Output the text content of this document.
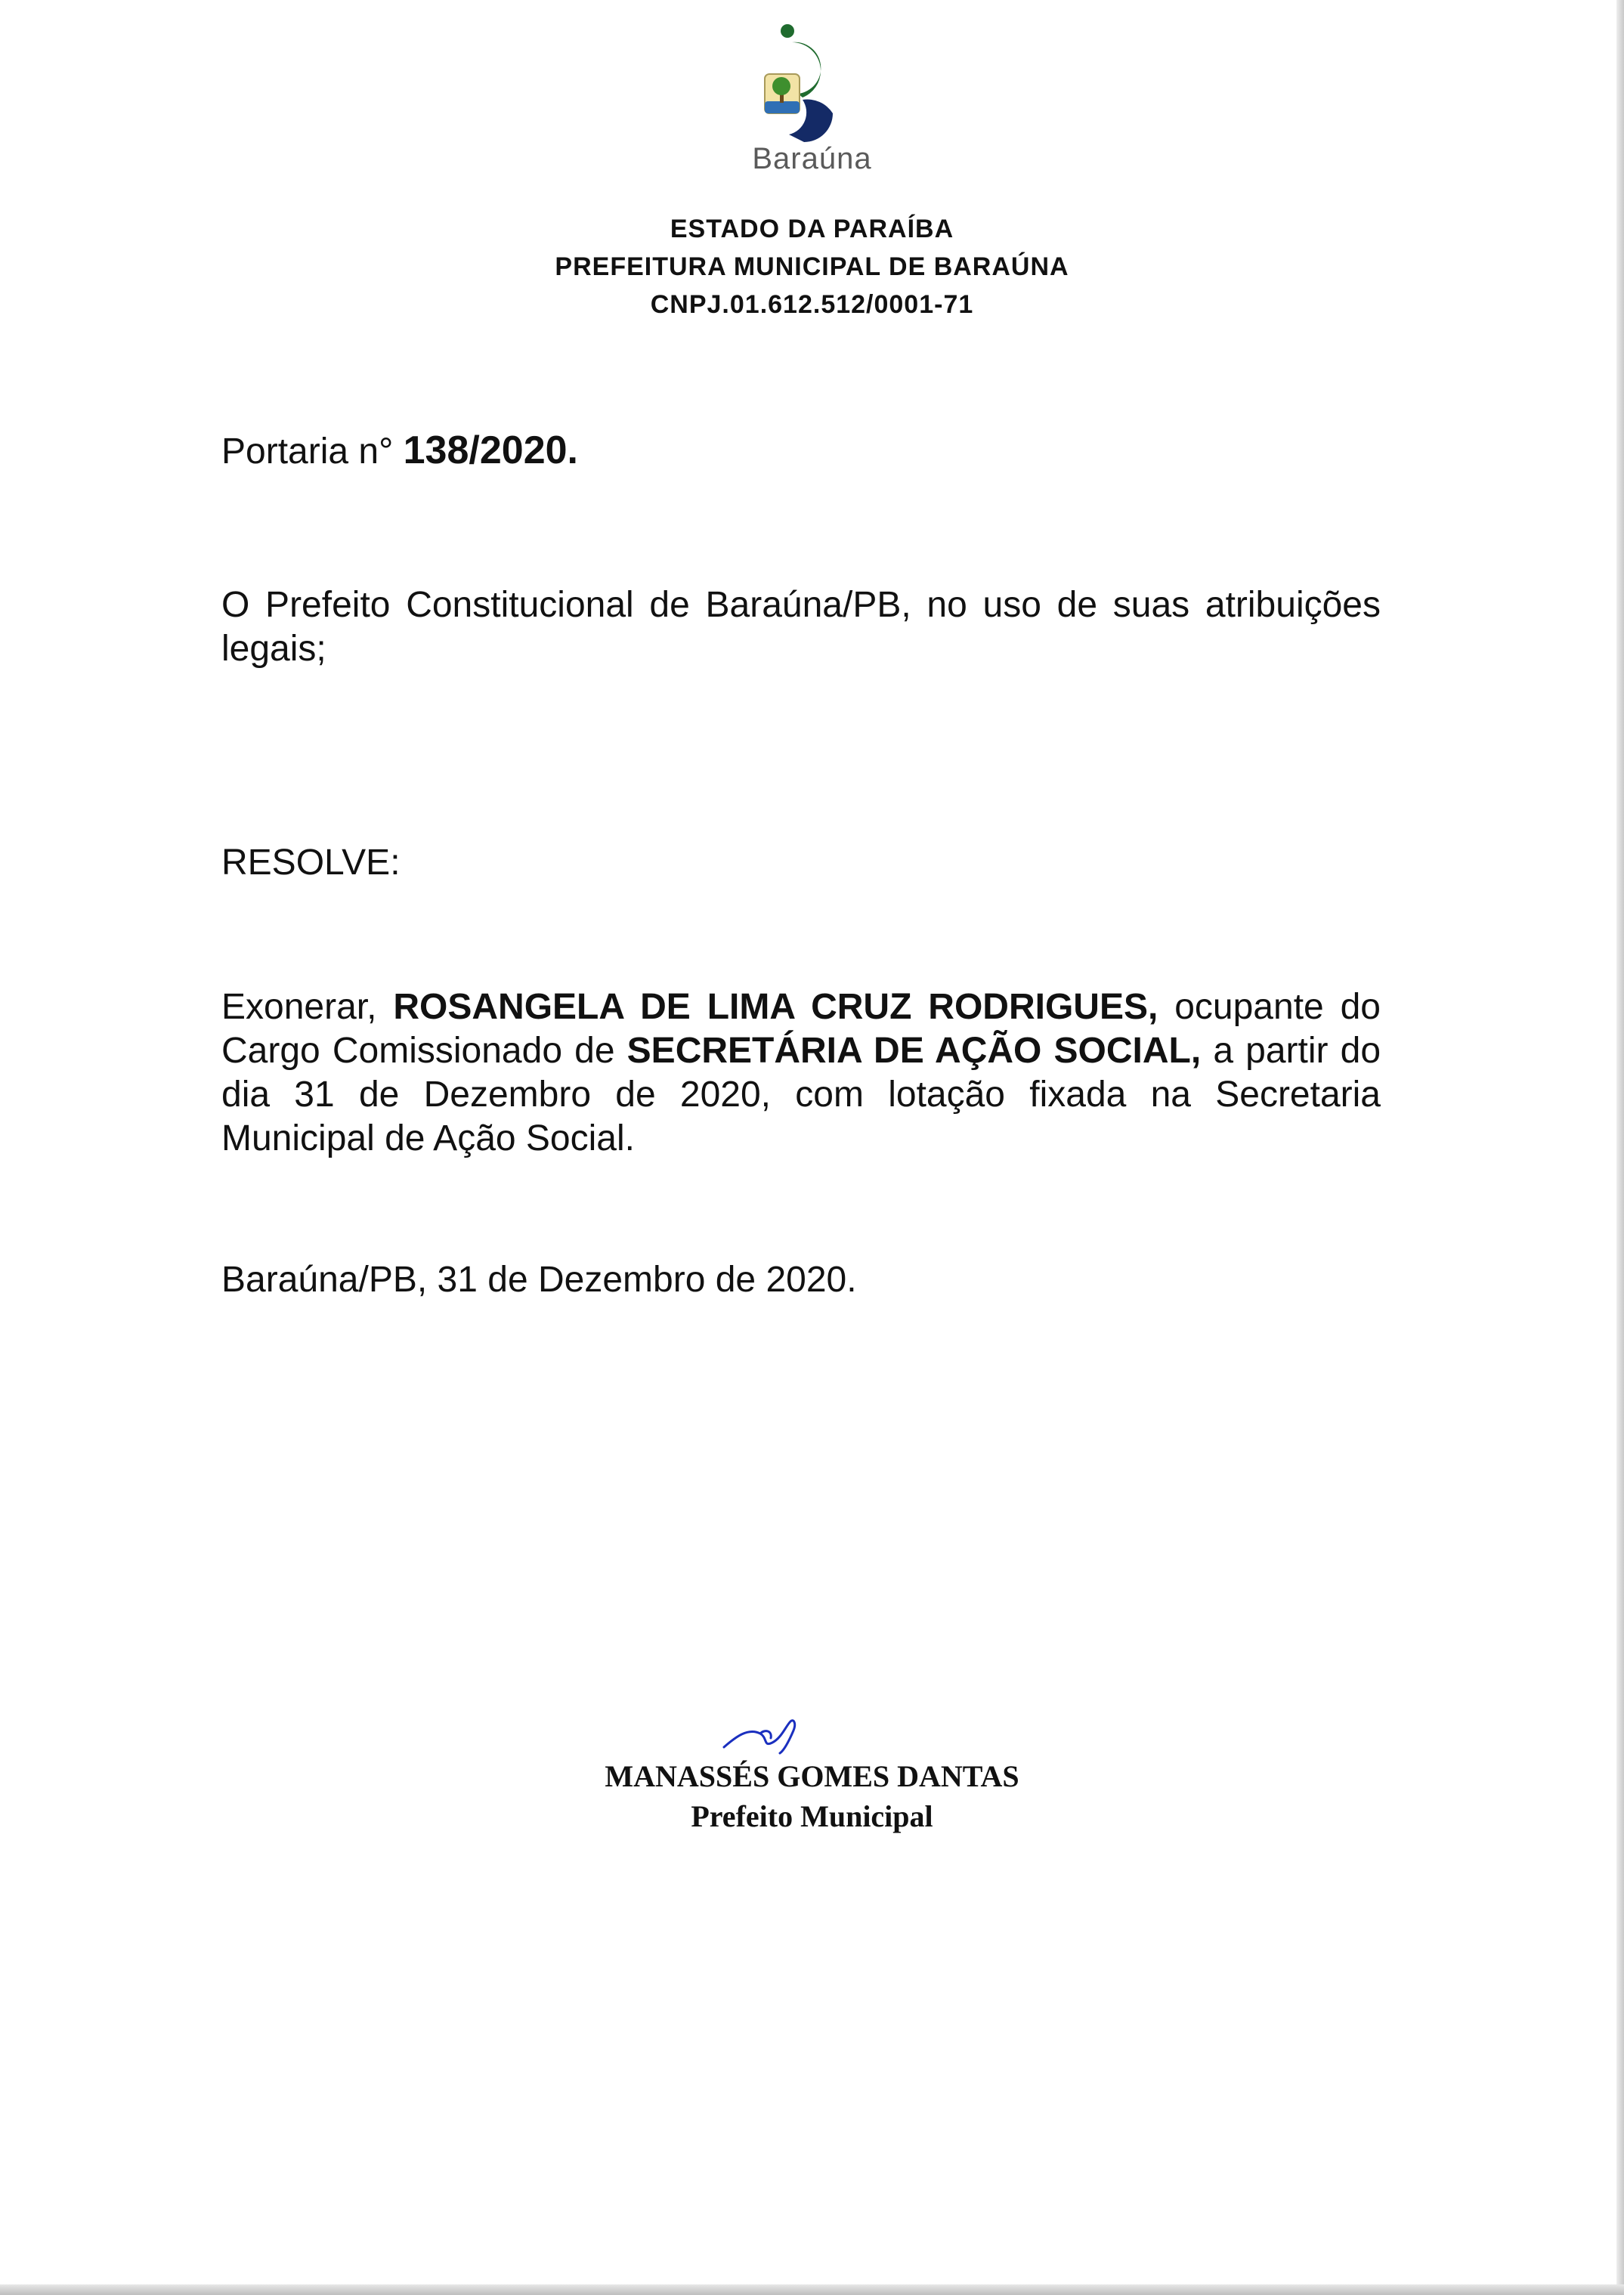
Baraúna
ESTADO DA PARAÍBA
PREFEITURA MUNICIPAL DE BARAÚNA
CNPJ.01.612.512/0001-71
Portaria n° 138/2020.
O Prefeito Constitucional de Baraúna/PB, no uso de suas atribuições legais;
RESOLVE:
Exonerar, ROSANGELA DE LIMA CRUZ RODRIGUES, ocupante do Cargo Comissionado de SECRETÁRIA DE AÇÃO SOCIAL, a partir do dia 31 de Dezembro de 2020, com lotação fixada na Secretaria Municipal de Ação Social.
Baraúna/PB, 31 de Dezembro de 2020.
MANASSÉS GOMES DANTAS
Prefeito Municipal
